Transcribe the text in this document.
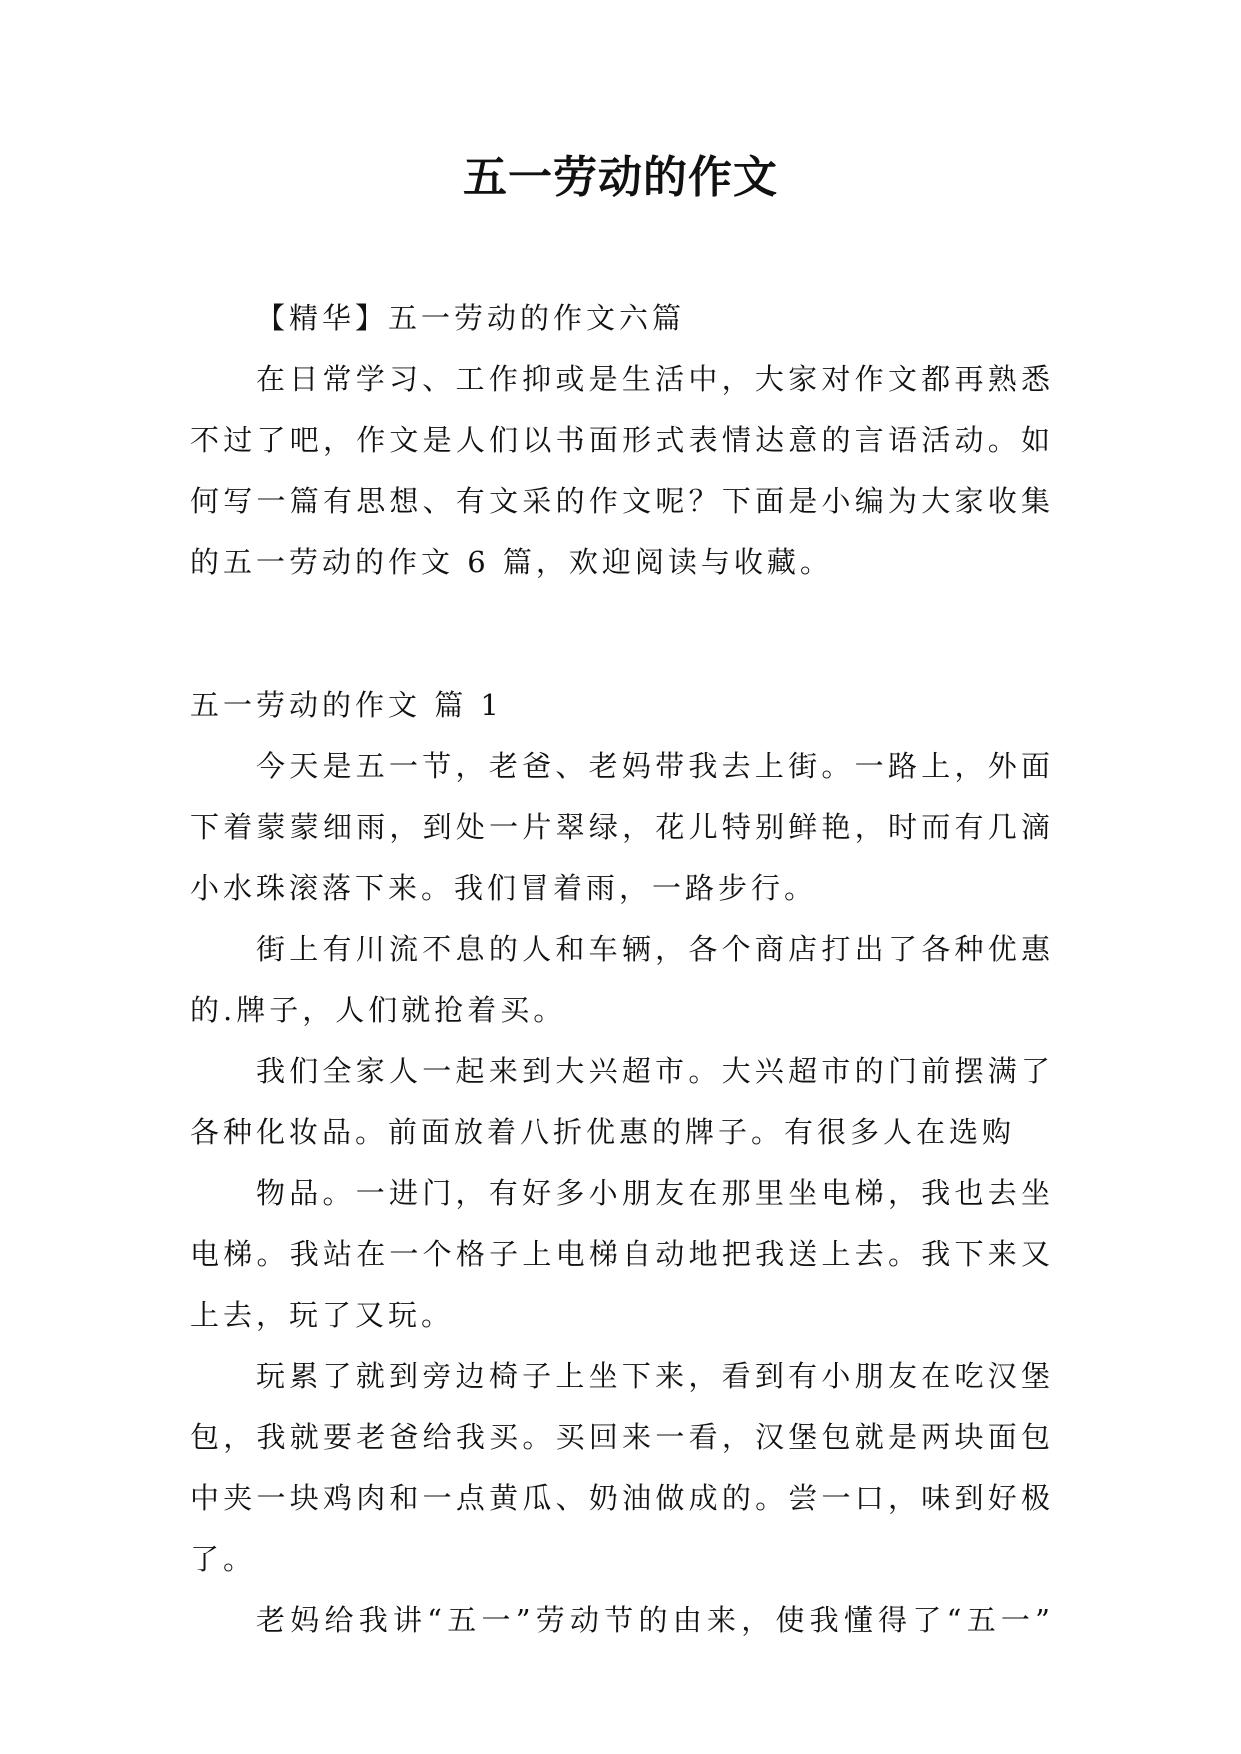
五一劳动的作文
【精华】五一劳动的作文六篇
在日常学习、工作抑或是生活中，大家对作文都再熟悉
不过了吧，作文是人们以书面形式表情达意的言语活动。如
何写一篇有思想、有文采的作文呢？下面是小编为大家收集
的五一劳动的作文 6 篇，欢迎阅读与收藏。
五一劳动的作文 篇 1
今天是五一节，老爸、老妈带我去上街。一路上，外面
下着蒙蒙细雨，到处一片翠绿，花儿特别鲜艳，时而有几滴
小水珠滚落下来。我们冒着雨，一路步行。
街上有川流不息的人和车辆，各个商店打出了各种优惠
的.牌子，人们就抢着买。
我们全家人一起来到大兴超市。大兴超市的门前摆满了
各种化妆品。前面放着八折优惠的牌子。有很多人在选购
物品。一进门，有好多小朋友在那里坐电梯，我也去坐
电梯。我站在一个格子上电梯自动地把我送上去。我下来又
上去，玩了又玩。
玩累了就到旁边椅子上坐下来，看到有小朋友在吃汉堡
包，我就要老爸给我买。买回来一看，汉堡包就是两块面包
中夹一块鸡肉和一点黄瓜、奶油做成的。尝一口，味到好极
了。
老妈给我讲“五一”劳动节的由来，使我懂得了“五一”
